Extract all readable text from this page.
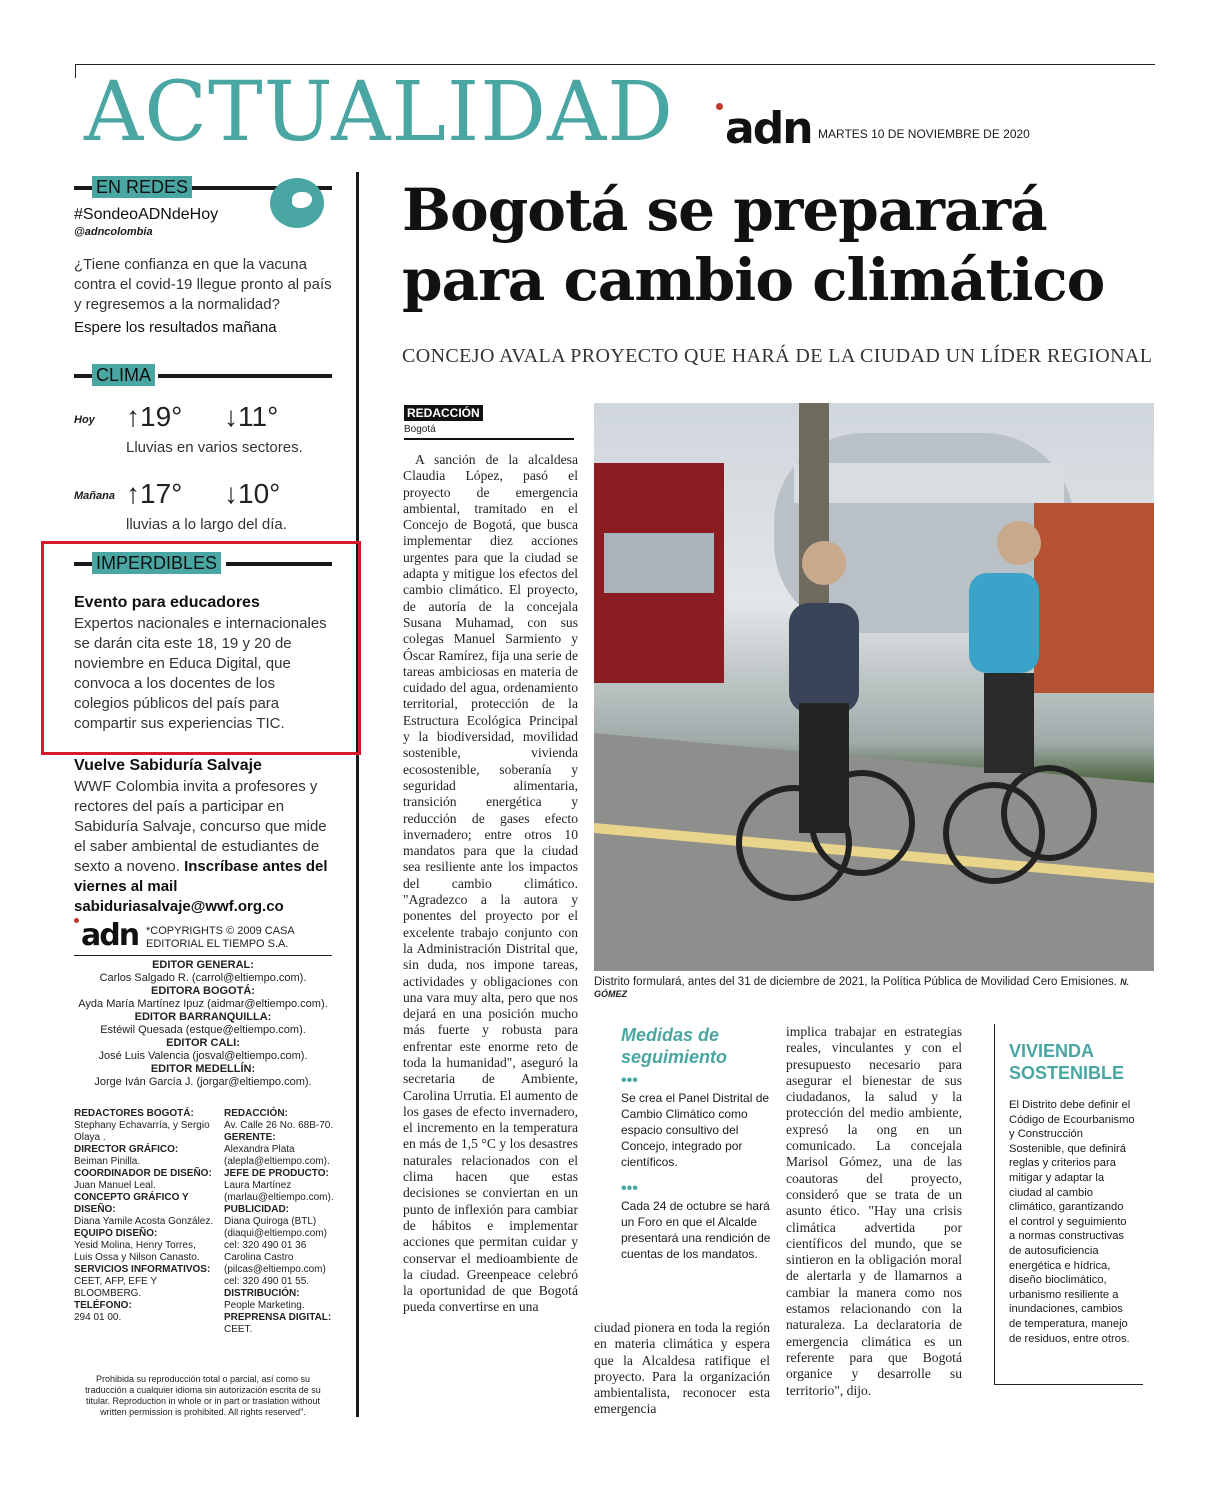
ACTUALIDAD adn MARTES 10 DE NOVIEMBRE DE 2020
EN REDES
#SondeoADNdeHoy
@adncolombia
¿Tiene confianza en que la vacuna contra el covid-19 llegue pronto al país y regresemos a la normalidad?
Espere los resultados mañana
CLIMA
Hoy ↑19° ↓11°
Lluvias en varios sectores.
Mañana ↑17° ↓10°
lluvias a lo largo del día.
IMPERDIBLES
Evento para educadores
Expertos nacionales e internacionales se darán cita este 18, 19 y 20 de noviembre en Educa Digital, que convoca a los docentes de los colegios públicos del país para compartir sus experiencias TIC.
Vuelve Sabiduría Salvaje
WWF Colombia invita a profesores y rectores del país a participar en Sabiduría Salvaje, concurso que mide el saber ambiental de estudiantes de sexto a noveno. Inscríbase antes del viernes al mail sabiduriasalvaje@wwf.org.co
adn *COPYRIGHTS © 2009 CASA EDITORIAL EL TIEMPO S.A.
EDITOR GENERAL:
Carlos Salgado R. (carrol@eltiempo.com).
EDITORA BOGOTÁ:
Ayda María Martínez Ipuz (aidmar@eltiempo.com).
EDITOR BARRANQUILLA:
Estéwil Quesada (estque@eltiempo.com).
EDITOR CALI:
José Luis Valencia (josval@eltiempo.com).
EDITOR MEDELLÍN:
Jorge Iván García J. (jorgar@eltiempo.com).
REDACTORES BOGOTÁ:
Stephany Echavarría, y Sergio Olaya .
DIRECTOR GRÁFICO:
Beiman Pinilla.
COORDINADOR DE DISEÑO:
Juan Manuel Leal.
CONCEPTO GRÁFICO Y DISEÑO:
Diana Yamile Acosta González.
EQUIPO DISEÑO:
Yesid Molina, Henry Torres, Luis Ossa y Nilson Canasto.
SERVICIOS INFORMATIVOS:
CEET, AFP, EFE Y BLOOMBERG.
TELÉFONO:
294 01 00.
REDACCIÓN:
Av. Calle 26 No. 68B-70.
GERENTE:
Alexandra Plata (alepla@eltiempo.com).
JEFE DE PRODUCTO:
Laura Martínez (marlau@eltiempo.com).
PUBLICIDAD:
Diana Quiroga (BTL) (diaqui@eltiempo.com) cel: 320 490 01 36 Carolina Castro (pilcas@eltiempo.com) cel: 320 490 01 55.
DISTRIBUCIÓN:
People Marketing.
PREPRENSA DIGITAL:
CEET.
Prohibida su reproducción total o parcial, así como su traducción a cualquier idioma sin autorización escrita de su titular. Reproduction in whole or in part or traslation without written permission is prohibited. All rights reserved".
Bogotá se preparará para cambio climático
CONCEJO AVALA PROYECTO QUE HARÁ DE LA CIUDAD UN LÍDER REGIONAL
REDACCIÓN
Bogotá
A sanción de la alcaldesa Claudia López, pasó el proyecto de emergencia ambiental, tramitado en el Concejo de Bogotá, que busca implementar diez acciones urgentes para que la ciudad se adapta y mitigue los efectos del cambio climático. El proyecto, de autoría de la concejala Susana Muhamad, con sus colegas Manuel Sarmiento y Óscar Ramírez, fija una serie de tareas ambiciosas en materia de cuidado del agua, ordenamiento territorial, protección de la Estructura Ecológica Principal y la biodiversidad, movilidad sostenible, vivienda ecosostenible, soberanía y seguridad alimentaria, transición energética y reducción de gases efecto invernadero; entre otros 10 mandatos para que la ciudad sea resiliente ante los impactos del cambio climático. "Agradezco a la autora y ponentes del proyecto por el excelente trabajo conjunto con la Administración Distrital que, sin duda, nos impone tareas, actividades y obligaciones con una vara muy alta, pero que nos dejará en una posición mucho más fuerte y robusta para enfrentar este enorme reto de toda la humanidad", aseguró la secretaria de Ambiente, Carolina Urrutia. El aumento de los gases de efecto invernadero, el incremento en la temperatura en más de 1,5 °C y los desastres naturales relacionados con el clima hacen que estas decisiones se conviertan en un punto de inflexión para cambiar de hábitos e implementar acciones que permitan cuidar y conservar el medioambiente de la ciudad. Greenpeace celebró la oportunidad de que Bogotá pueda convertirse en una
Distrito formulará, antes del 31 de diciembre de 2021, la Política Pública de Movilidad Cero Emisiones. N. GÓMEZ
Medidas de seguimiento
•••
Se crea el Panel Distrital de Cambio Climático como espacio consultivo del Concejo, integrado por científicos.
•••
Cada 24 de octubre se hará un Foro en que el Alcalde presentará una rendición de cuentas de los mandatos.
ciudad pionera en toda la región en materia climática y espera que la Alcaldesa ratifique el proyecto. Para la organización ambientalista, reconocer esta emergencia
implica trabajar en estrategias reales, vinculantes y con el presupuesto necesario para asegurar el bienestar de sus ciudadanos, la salud y la protección del medio ambiente, expresó la ong en un comunicado. La concejala Marisol Gómez, una de las coautoras del proyecto, consideró que se trata de un asunto ético. "Hay una crisis climática advertida por científicos del mundo, que se sintieron en la obligación moral de alertarla y de llamarnos a cambiar la manera como nos estamos relacionando con la naturaleza. La declaratoria de emergencia climática es un referente para que Bogotá organice y desarrolle su territorio", dijo.
VIVIENDA SOSTENIBLE
El Distrito debe definir el Código de Ecourbanismo y Construcción Sostenible, que definirá reglas y criterios para mitigar y adaptar la ciudad al cambio climático, garantizando el control y seguimiento a normas constructivas de autosuficiencia energética e hídrica, diseño bioclimático, urbanismo resiliente a inundaciones, cambios de temperatura, manejo de residuos, entre otros.
